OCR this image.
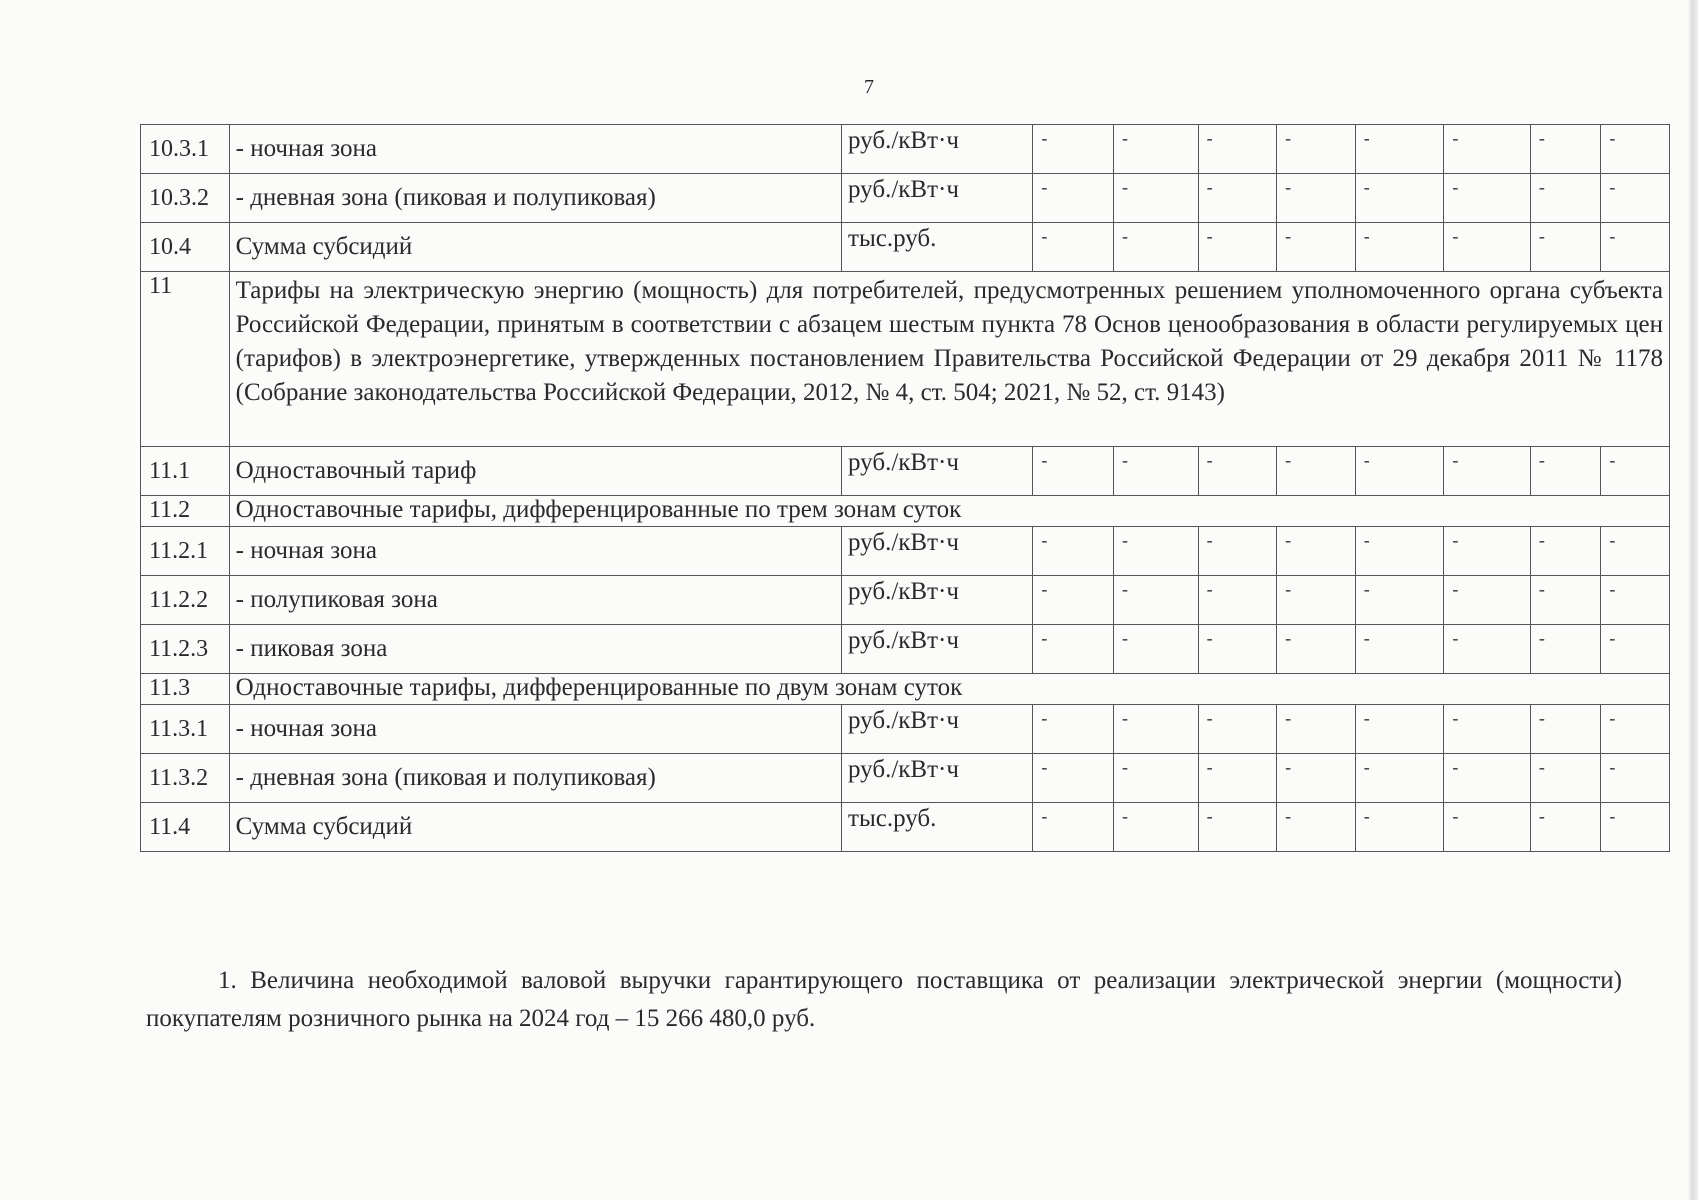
7
10.3.1	- ночная зона	руб./кВт·ч	-	-	-	-	-	-	-	-
10.3.2	- дневная зона (пиковая и полупиковая)	руб./кВт·ч	-	-	-	-	-	-	-	-
10.4	Сумма субсидий	тыс.руб.	-	-	-	-	-	-	-	-
11	Тарифы на электрическую энергию (мощность) для потребителей, предусмотренных решением уполномоченного органа субъекта Российской Федерации, принятым в соответствии с абзацем шестым пункта 78 Основ ценообразования в области регулируемых цен (тарифов) в электроэнергетике, утвержденных постановлением Правительства Российской Федерации от 29 декабря 2011 № 1178 (Собрание законодательства Российской Федерации, 2012, № 4, ст. 504; 2021, № 52, ст. 9143)									
11.1	Одноставочный тариф	руб./кВт·ч	-	-	-	-	-	-	-	-
11.2	Одноставочные тарифы, дифференцированные по трем зонам суток									
11.2.1	- ночная зона	руб./кВт·ч	-	-	-	-	-	-	-	-
11.2.2	- полупиковая зона	руб./кВт·ч	-	-	-	-	-	-	-	-
11.2.3	- пиковая зона	руб./кВт·ч	-	-	-	-	-	-	-	-
11.3	Одноставочные тарифы, дифференцированные по двум зонам суток									
11.3.1	- ночная зона	руб./кВт·ч	-	-	-	-	-	-	-	-
11.3.2	- дневная зона (пиковая и полупиковая)	руб./кВт·ч	-	-	-	-	-	-	-	-
11.4	Сумма субсидий	тыс.руб.	-	-	-	-	-	-	-	-
1. Величина необходимой валовой выручки гарантирующего поставщика от реализации электрической энергии (мощности) покупателям розничного рынка на 2024 год – 15 266 480,0 руб.
